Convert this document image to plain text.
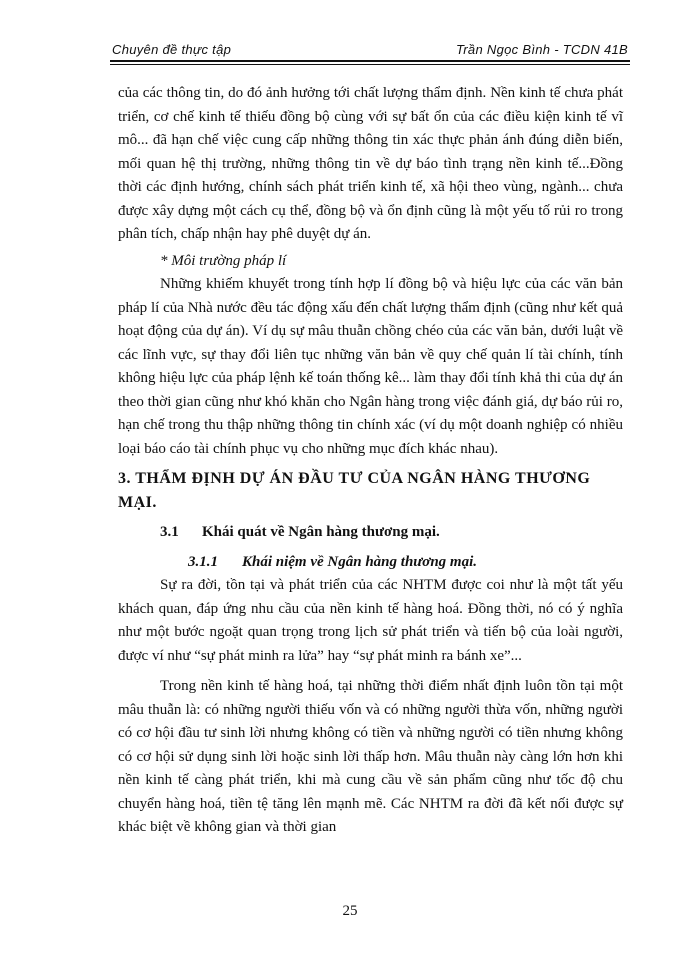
Chuyên đề thực tập	Trần Ngọc Bình - TCDN 41B

của các thông tin, do đó ảnh hưởng tới chất lượng thẩm định. Nền kinh tế chưa phát triển, cơ chế kinh tế thiếu đồng bộ cùng với sự bất ổn của các điều kiện kinh tế vĩ mô... đã hạn chế việc cung cấp những thông tin xác thực phản ánh đúng diễn biến, mối quan hệ thị trường, những thông tin về dự báo tình trạng nền kinh tế...Đồng thời các định hướng, chính sách phát triển kinh tế, xã hội theo vùng, ngành... chưa được xây dựng một cách cụ thể, đồng bộ và ổn định cũng là một yếu tố rủi ro trong phân tích, chấp nhận hay phê duyệt dự án.

* Môi trường pháp lí

Những khiếm khuyết trong tính hợp lí đồng bộ và hiệu lực của các văn bản pháp lí của Nhà nước đều tác động xấu đến chất lượng thẩm định (cũng như kết quả hoạt động của dự án). Ví dụ sự mâu thuẫn chồng chéo của các văn bản, dưới luật về các lĩnh vực, sự thay đổi liên tục những văn bản về quy chế quản lí tài chính, tính không hiệu lực của pháp lệnh kế toán thống kê... làm thay đổi tính khả thi của dự án theo thời gian cũng như khó khăn cho Ngân hàng trong việc đánh giá, dự báo rủi ro, hạn chế trong thu thập những thông tin chính xác (ví dụ một doanh nghiệp có nhiều loại báo cáo tài chính phục vụ cho những mục đích khác nhau).

3. THẨM ĐỊNH DỰ ÁN ĐẦU TƯ CỦA NGÂN HÀNG THƯƠNG MẠI.

3.1 Khái quát về Ngân hàng thương mại.

3.1.1 Khái niệm về Ngân hàng thương mại.

Sự ra đời, tồn tại và phát triển của các NHTM được coi như là một tất yếu khách quan, đáp ứng nhu cầu của nền kinh tế hàng hoá. Đồng thời, nó có ý nghĩa như một bước ngoặt quan trọng trong lịch sử phát triển và tiến bộ của loài người, được ví như “sự phát minh ra lửa” hay “sự phát minh ra bánh xe”...

Trong nền kinh tế hàng hoá, tại những thời điểm nhất định luôn tồn tại một mâu thuẫn là: có những người thiếu vốn và có những người thừa vốn, những người có cơ hội đầu tư sinh lời nhưng không có tiền và những người có tiền nhưng không có cơ hội sử dụng sinh lời hoặc sinh lời thấp hơn. Mâu thuẫn này càng lớn hơn khi nền kinh tế càng phát triển, khi mà cung cầu về sản phẩm cũng như tốc độ chu chuyển hàng hoá, tiền tệ tăng lên mạnh mẽ. Các NHTM ra đời đã kết nối được sự khác biệt về không gian và thời gian

25
